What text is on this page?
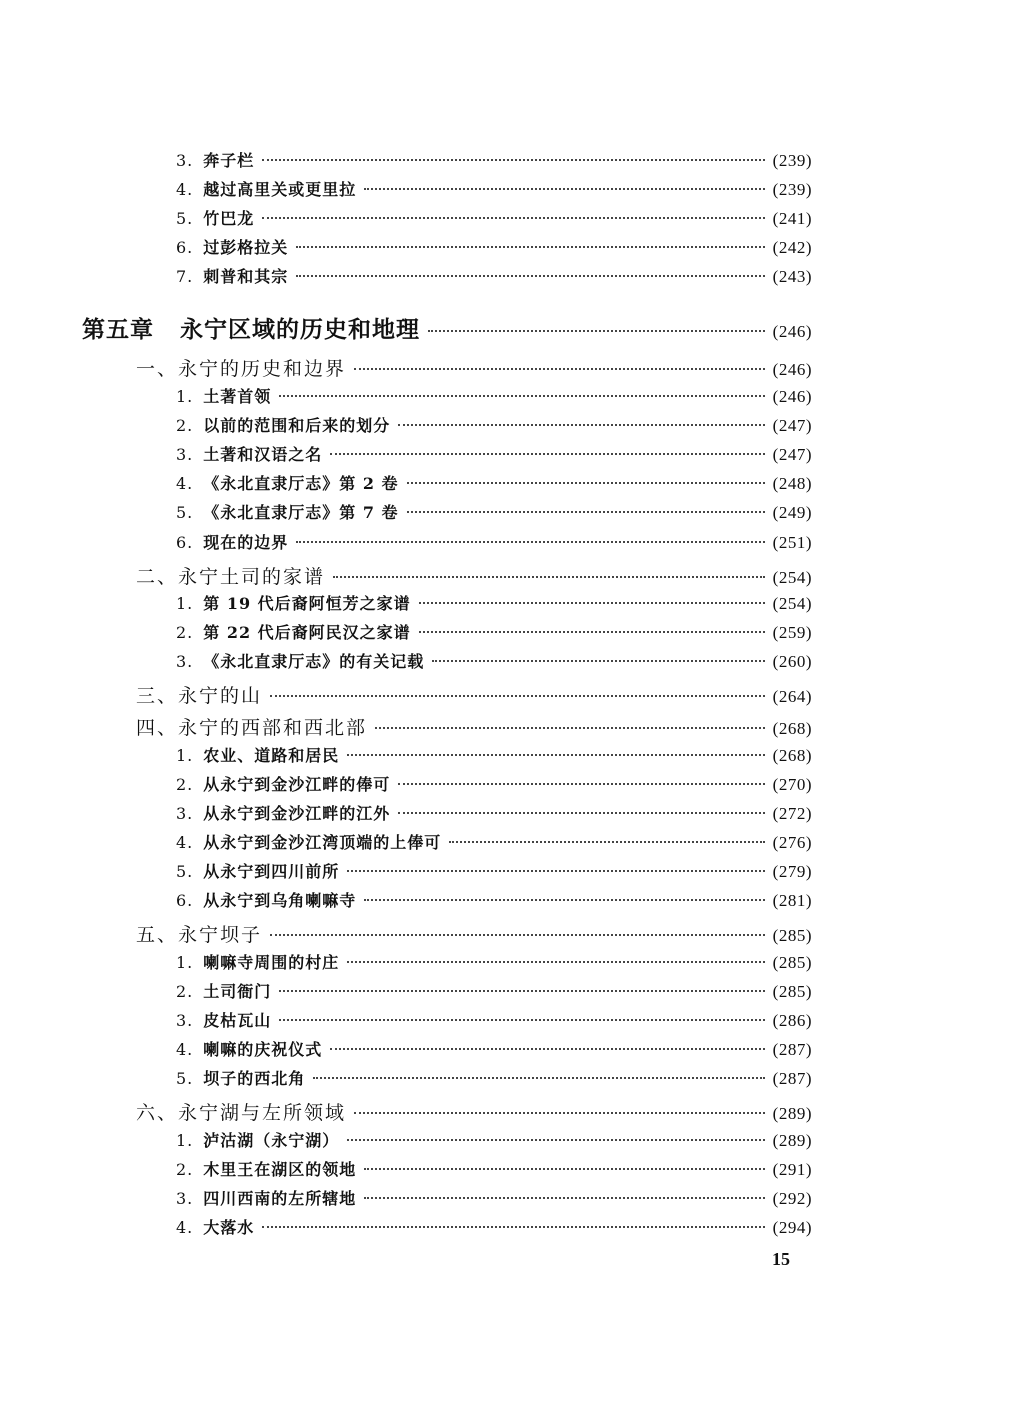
3. 奔子栏	(239)
4. 越过高里关或更里拉	(239)
5. 竹巴龙	(241)
6. 过彭格拉关	(242)
7. 刺普和其宗	(243)
第五章 永宁区域的历史和地理	(246)
一、永宁的历史和边界	(246)
1. 土著首领	(246)
2. 以前的范围和后来的划分	(247)
3. 土著和汉语之名	(247)
4. 《永北直隶厅志》第 2 卷	(248)
5. 《永北直隶厅志》第 7 卷	(249)
6. 现在的边界	(251)
二、永宁土司的家谱	(254)
1. 第 19 代后裔阿恒芳之家谱	(254)
2. 第 22 代后裔阿民汉之家谱	(259)
3. 《永北直隶厅志》的有关记载	(260)
三、永宁的山	(264)
四、永宁的西部和西北部	(268)
1. 农业、道路和居民	(268)
2. 从永宁到金沙江畔的俸可	(270)
3. 从永宁到金沙江畔的江外	(272)
4. 从永宁到金沙江湾顶端的上俸可	(276)
5. 从永宁到四川前所	(279)
6. 从永宁到乌角喇嘛寺	(281)
五、永宁坝子	(285)
1. 喇嘛寺周围的村庄	(285)
2. 土司衙门	(285)
3. 皮枯瓦山	(286)
4. 喇嘛的庆祝仪式	(287)
5. 坝子的西北角	(287)
六、永宁湖与左所领域	(289)
1. 泸沽湖（永宁湖）	(289)
2. 木里王在湖区的领地	(291)
3. 四川西南的左所辖地	(292)
4. 大落水	(294)
15
